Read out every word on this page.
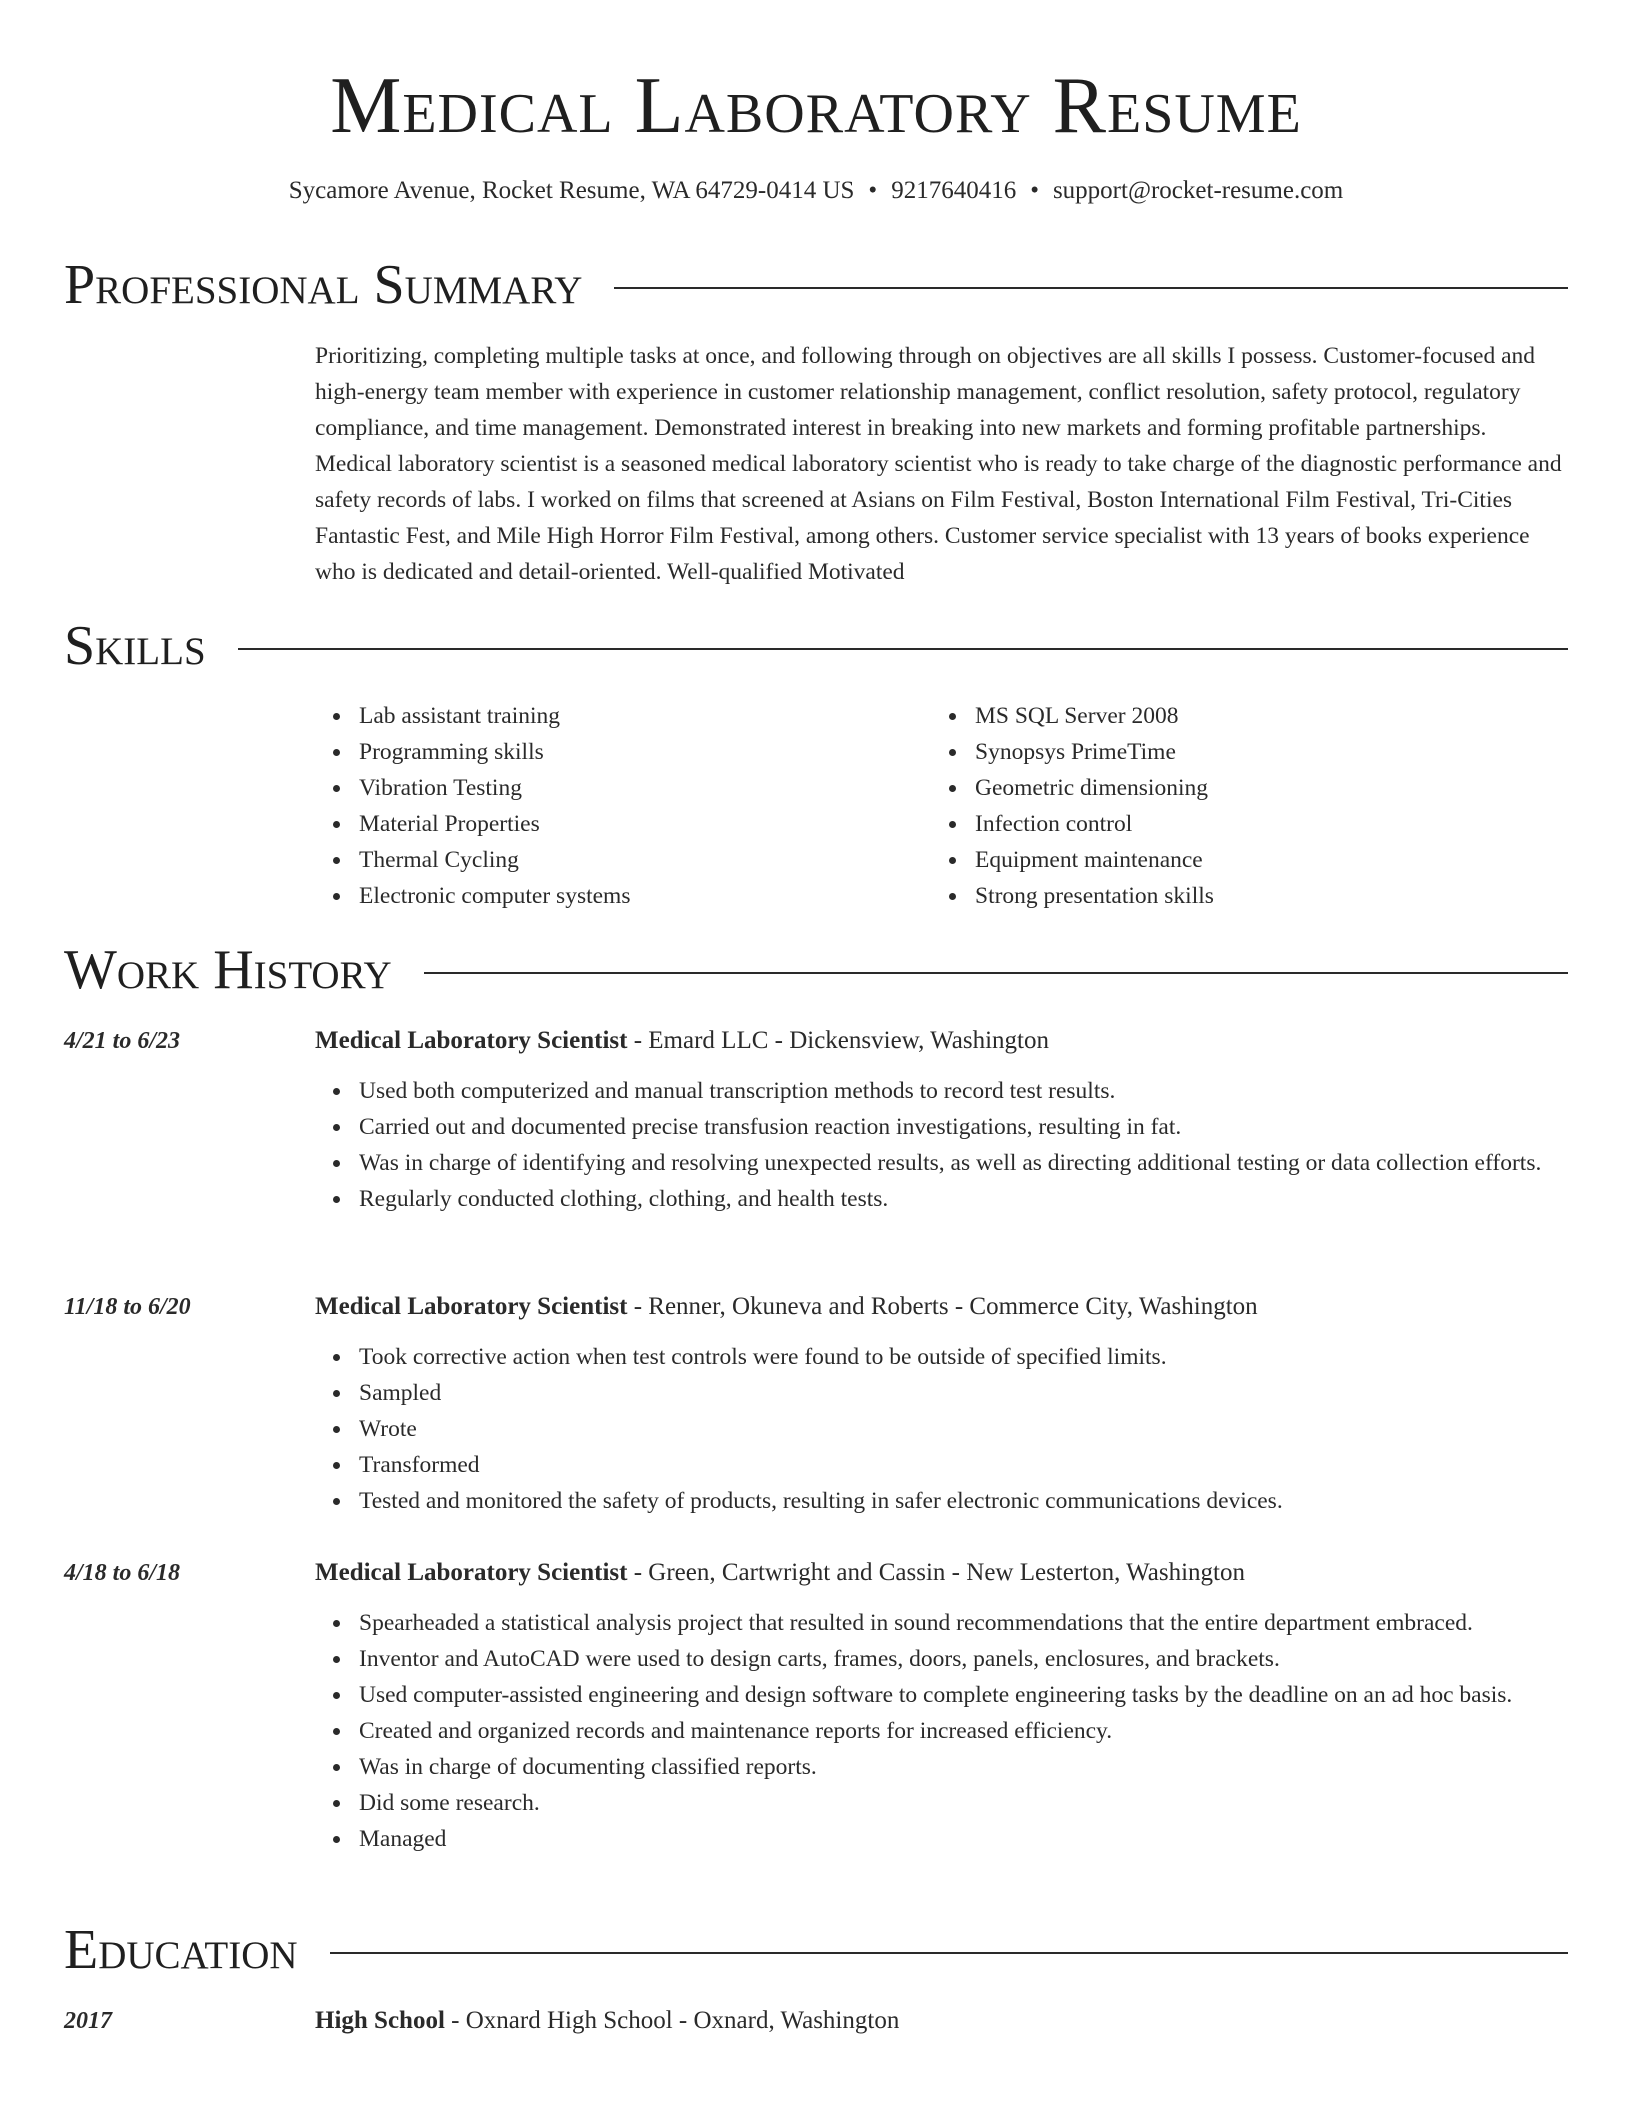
Medical Laboratory Resume
Sycamore Avenue, Rocket Resume, WA 64729-0414 US • 9217640416 • support@rocket-resume.com
Professional Summary

Prioritizing, completing multiple tasks at once, and following through on objectives are all skills I possess. Customer-focused and high-energy team member with experience in customer relationship management, conflict resolution, safety protocol, regulatory compliance, and time management. Demonstrated interest in breaking into new markets and forming profitable partnerships. Medical laboratory scientist is a seasoned medical laboratory scientist who is ready to take charge of the diagnostic performance and safety records of labs. I worked on films that screened at Asians on Film Festival, Boston International Film Festival, Tri-Cities Fantastic Fest, and Mile High Horror Film Festival, among others. Customer service specialist with 13 years of books experience who is dedicated and detail-oriented. Well-qualified Motivated

Skills
Lab assistant training
Programming skills
Vibration Testing
Material Properties
Thermal Cycling
Electronic computer systems
MS SQL Server 2008
Synopsys PrimeTime
Geometric dimensioning
Infection control
Equipment maintenance
Strong presentation skills
Work History
4/21 to 6/23	Medical Laboratory Scientist - Emard LLC - Dickensview, Washington
Used both computerized and manual transcription methods to record test results.
Carried out and documented precise transfusion reaction investigations, resulting in fat.
Was in charge of identifying and resolving unexpected results, as well as directing additional testing or data collection efforts.
Regularly conducted clothing, clothing, and health tests.
11/18 to 6/20	Medical Laboratory Scientist - Renner, Okuneva and Roberts - Commerce City, Washington
Took corrective action when test controls were found to be outside of specified limits.
Sampled
Wrote
Transformed
Tested and monitored the safety of products, resulting in safer electronic communications devices.
4/18 to 6/18	Medical Laboratory Scientist - Green, Cartwright and Cassin - New Lesterton, Washington
Spearheaded a statistical analysis project that resulted in sound recommendations that the entire department embraced.
Inventor and AutoCAD were used to design carts, frames, doors, panels, enclosures, and brackets.
Used computer-assisted engineering and design software to complete engineering tasks by the deadline on an ad hoc basis.
Created and organized records and maintenance reports for increased efficiency.
Was in charge of documenting classified reports.
Did some research.
Managed
Education
2017	High School - Oxnard High School - Oxnard, Washington
